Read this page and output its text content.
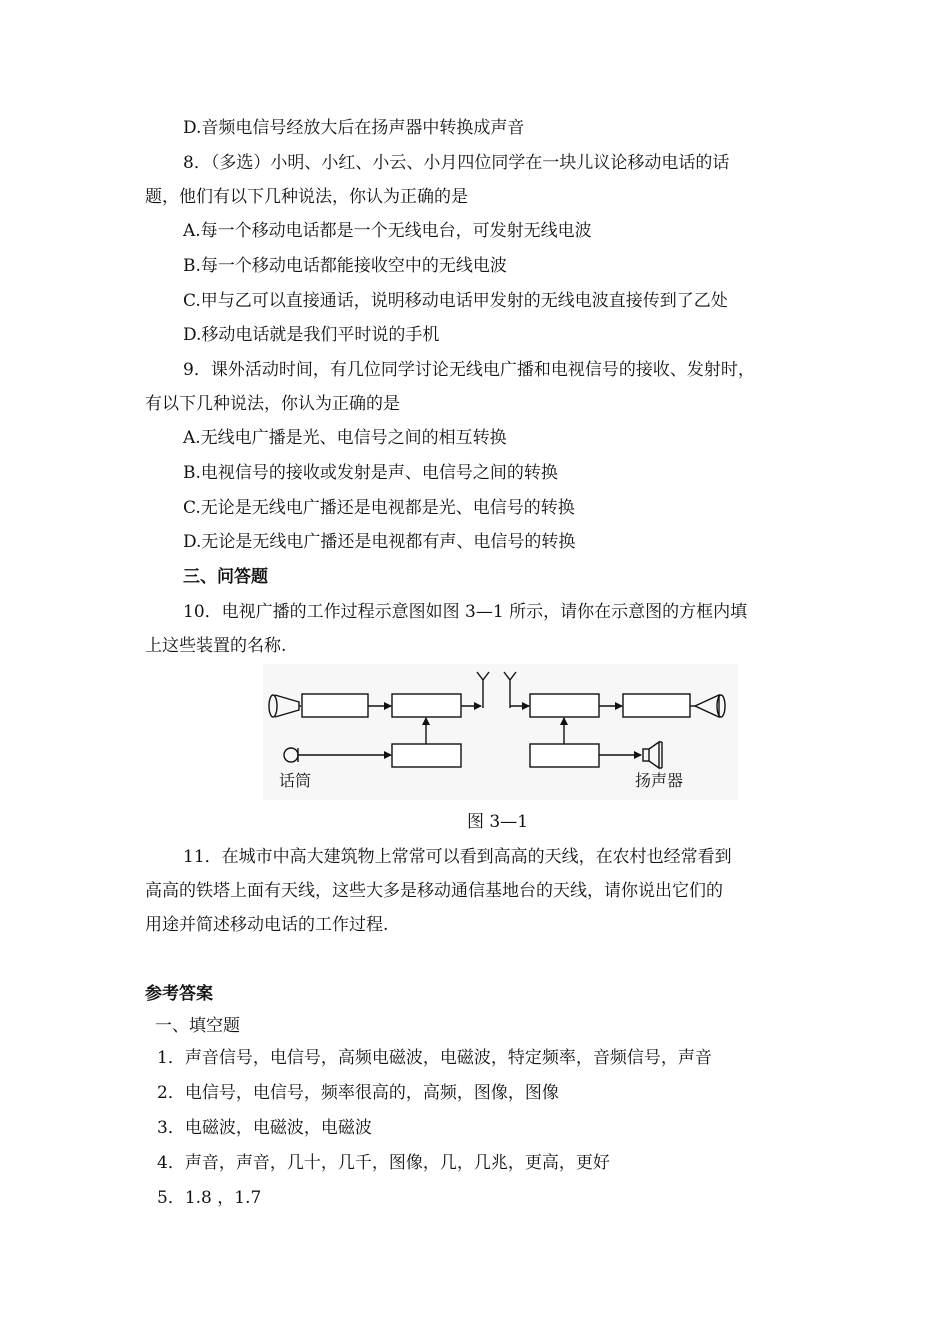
D.音频电信号经放大后在扬声器中转换成声音
8．（多选）小明、小红、小云、小月四位同学在一块儿议论移动电话的话
题，他们有以下几种说法，你认为正确的是
A.每一个移动电话都是一个无线电台，可发射无线电波
B.每一个移动电话都能接收空中的无线电波
C.甲与乙可以直接通话，说明移动电话甲发射的无线电波直接传到了乙处
D.移动电话就是我们平时说的手机
9．课外活动时间，有几位同学讨论无线电广播和电视信号的接收、发射时，
有以下几种说法，你认为正确的是
A.无线电广播是光、电信号之间的相互转换
B.电视信号的接收或发射是声、电信号之间的转换
C.无论是无线电广播还是电视都是光、电信号的转换
D.无论是无线电广播还是电视都有声、电信号的转换
三、问答题
10．电视广播的工作过程示意图如图 3—1 所示，请你在示意图的方框内填
上这些装置的名称.
话筒	扬声器
图 3—1
11．在城市中高大建筑物上常常可以看到高高的天线，在农村也经常看到
高高的铁塔上面有天线，这些大多是移动通信基地台的天线，请你说出它们的
用途并简述移动电话的工作过程.
参考答案
一、填空题
1．声音信号，电信号，高频电磁波，电磁波，特定频率，音频信号，声音
2．电信号，电信号，频率很高的，高频，图像，图像
3．电磁波，电磁波，电磁波
4．声音，声音，几十，几千，图像，几，几兆，更高，更好
5．1.8 ，1.7
